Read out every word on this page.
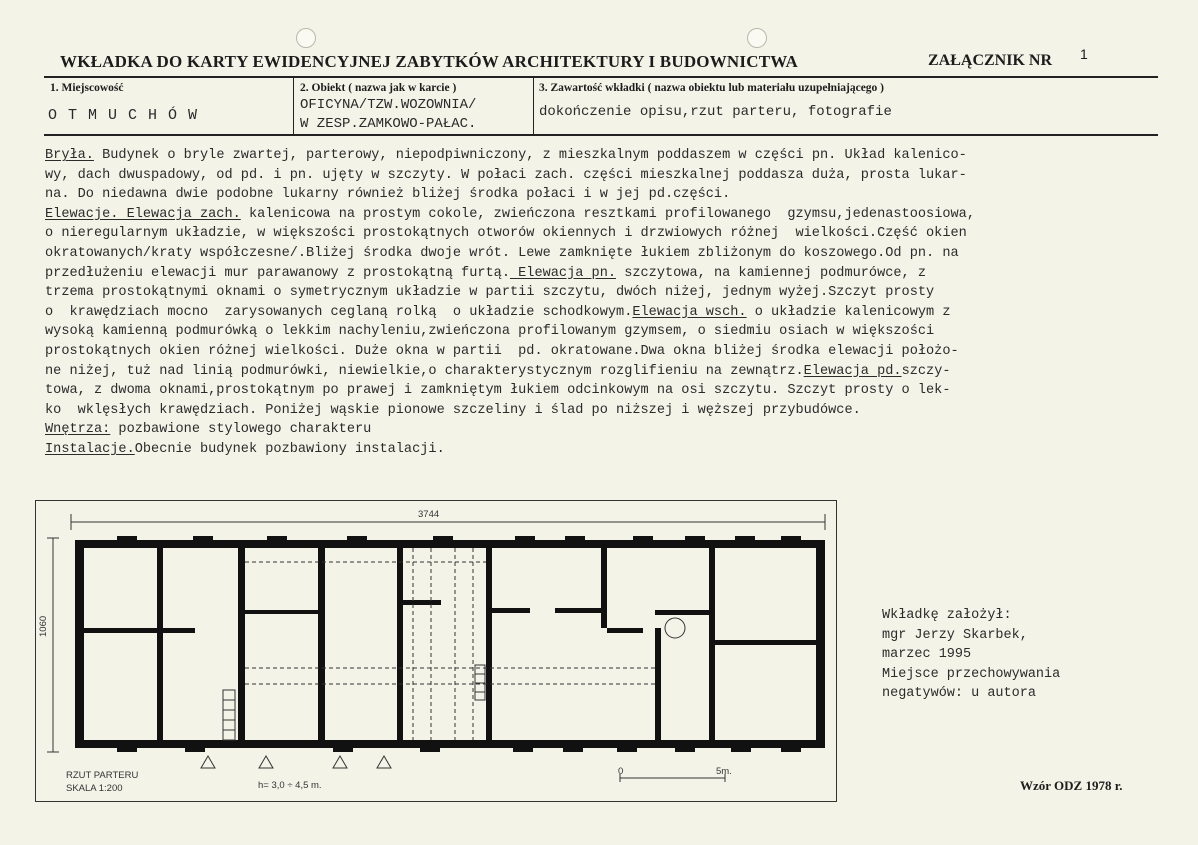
WKŁADKA DO KARTY EWIDENCYJNEJ ZABYTKÓW ARCHITEKTURY I BUDOWNICTWA	ZAŁĄCZNIK NR 1
1. Miejscowość
OTMUCHÓW
2. Obiekt ( nazwa jak w karcie )
OFICYNA/TZW.WOZOWNIA/
W ZESP.ZAMKOWO-PAŁAC.
3. Zawartość wkładki ( nazwa obiektu lub materiału uzupełniającego )
dokończenie opisu,rzut parteru, fotografie
Bryła. Budynek o bryle zwartej, parterowy, niepodpiwniczony, z mieszkalnym poddaszem w części pn. Układ kalenico-
wy, dach dwuspadowy, od pd. i pn. ujęty w szczyty. W połaci zach. części mieszkalnej poddasza duża, prosta lukar-
na. Do niedawna dwie podobne lukarny również bliżej środka połaci i w jej pd.części.
Elewacje. Elewacja zach. kalenicowa na prostym cokole, zwieńczona resztkami profilowanego  gzymsu,jedenastoosiowa,
o nieregularnym układzie, w większości prostokątnych otworów okiennych i drzwiowych różnej  wielkości.Część okien
okratowanych/kraty współczesne/.Bliżej środka dwoje wrót. Lewe zamknięte łukiem zbliżonym do koszowego.Od pn. na
przedłużeniu elewacji mur parawanowy z prostokątną furtą. Elewacja pn. szczytowa, na kamiennej podmurówce, z
trzema prostokątnymi oknami o symetrycznym układzie w partii szczytu, dwóch niżej, jednym wyżej.Szczyt prosty
o  krawędziach mocno  zarysowanych ceglaną rolką  o układzie schodkowym.Elewacja wsch. o układzie kalenicowym z
wysoką kamienną podmurówką o lekkim nachyleniu,zwieńczona profilowanym gzymsem, o siedmiu osiach w większości
prostokątnych okien różnej wielkości. Duże okna w partii  pd. okratowane.Dwa okna bliżej środka elewacji położo-
ne niżej, tuż nad linią podmurówki, niewielkie,o charakterystycznym rozglifieniu na zewnątrz.Elewacja pd.szczy-
towa, z dwoma oknami,prostokątnym po prawej i zamkniętym łukiem odcinkowym na osi szczytu. Szczyt prosty o lek-
ko  wklęsłych krawędziach. Poniżej wąskie pionowe szczeliny i ślad po niższej i węższej przybudówce.
Wnętrza: pozbawione stylowego charakteru
Instalacje.Obecnie budynek pozbawiony instalacji.
3744
1060
RZUT PARTERU
SKALA 1:200	h= 3,0 ÷ 4,5 m.
0	5m.
Wkładkę założył:
mgr Jerzy Skarbek,
marzec 1995
Miejsce przechowywania
negatywów: u autora
Wzór ODZ 1978 r.
